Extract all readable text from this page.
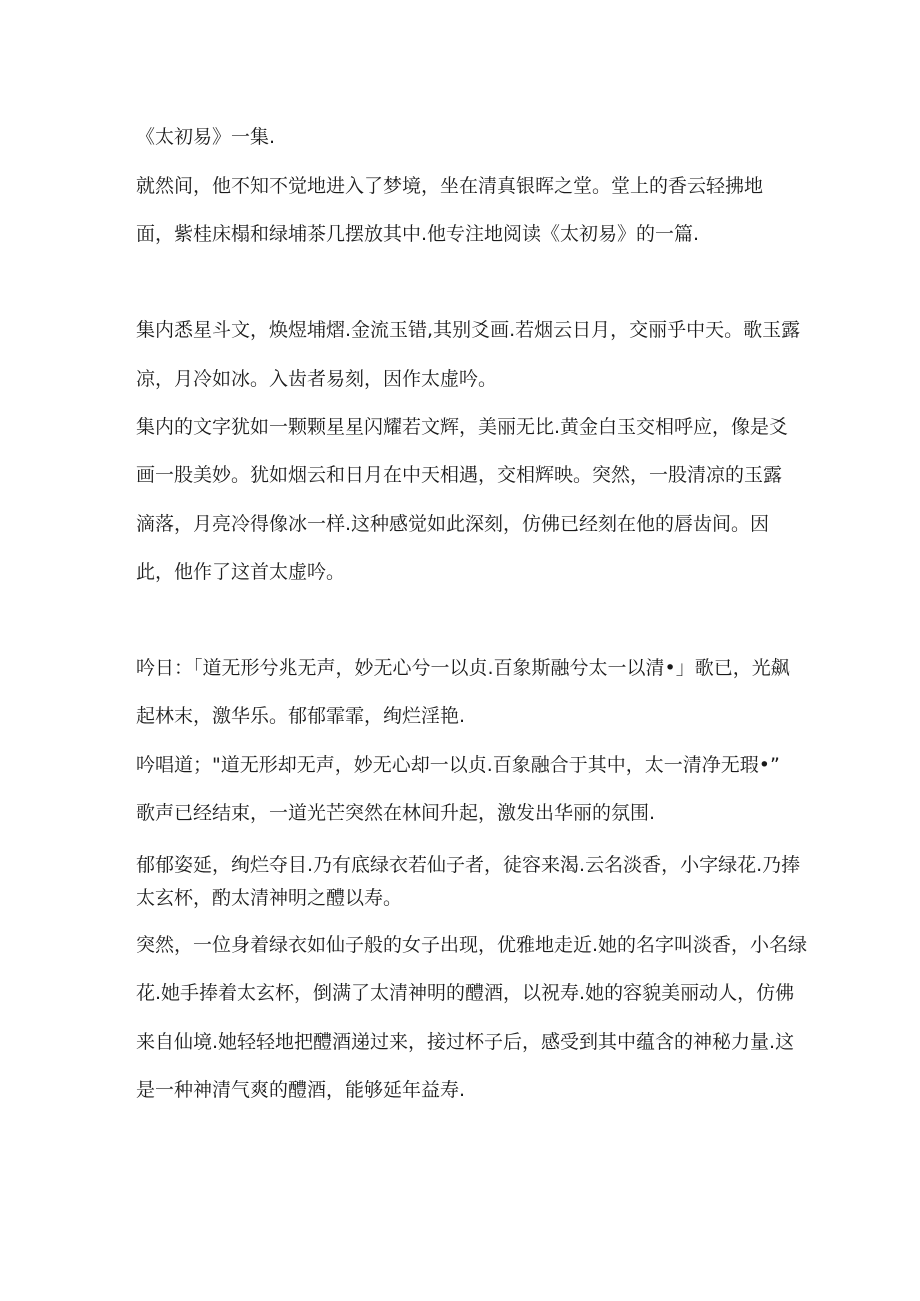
《太初易》一集.
就然间，他不知不觉地进入了梦境，坐在清真银晖之堂。堂上的香云轻拂地
面，紫桂床榻和绿埔茶几摆放其中.他专注地阅读《太初易》的一篇.
集内悉星斗文，焕煜埔熠.金流玉错,其别爻画.若烟云日月，交丽乎中天。歌玉露
凉，月冷如冰。入齿者易刻，因作太虚吟。
集内的文字犹如一颗颗星星闪耀若文辉，美丽无比.黄金白玉交相呼应，像是爻
画一股美妙。犹如烟云和日月在中天相遇，交相辉映。突然，一股清凉的玉露
滴落，月亮冷得像冰一样.这种感觉如此深刻，仿佛已经刻在他的唇齿间。因
此，他作了这首太虚吟。
吟日：「道无形兮兆无声，妙无心兮一以贞.百象斯融兮太一以清•」歌已，光飙
起林末，激华乐。郁郁霏霏，绚烂淫艳.
吟唱道；"道无形却无声，妙无心却一以贞.百象融合于其中，太一清净无瑕•”
歌声已经结束，一道光芒突然在林间升起，激发出华丽的氛围.
郁郁姿延，绚烂夺目.乃有底绿衣若仙子者，徒容来渴.云名淡香，小字绿花.乃捧
太玄杯，酌太清神明之醴以寿。
突然，一位身着绿衣如仙子般的女子出现，优雅地走近.她的名字叫淡香，小名绿
花.她手捧着太玄杯，倒满了太清神明的醴酒，以祝寿.她的容貌美丽动人，仿佛
来自仙境.她轻轻地把醴酒递过来，接过杯子后，感受到其中蕴含的神秘力量.这
是一种神清气爽的醴酒，能够延年益寿.
